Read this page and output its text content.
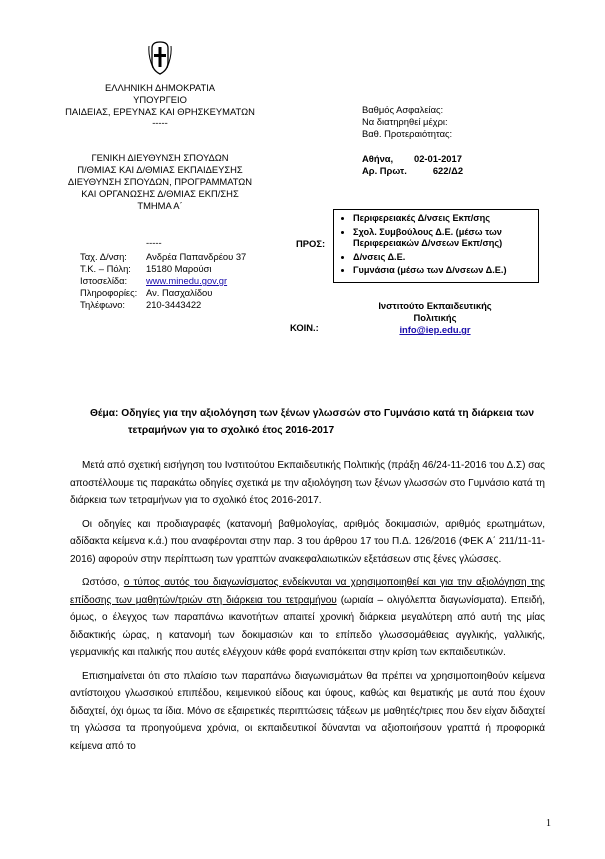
ΕΛΛΗΝΙΚΗ ΔΗΜΟΚΡΑΤΙΑ
ΥΠΟΥΡΓΕΙΟ
ΠΑΙΔΕΙΑΣ, ΕΡΕΥΝΑΣ ΚΑΙ ΘΡΗΣΚΕΥΜΑΤΩΝ
-----
ΓΕΝΙΚΗ ΔΙΕΥΘΥΝΣΗ ΣΠΟΥΔΩΝ
Π/ΘΜΙΑΣ ΚΑΙ Δ/ΘΜΙΑΣ ΕΚΠΑΙΔΕΥΣΗΣ
ΔΙΕΥΘΥΝΣΗ ΣΠΟΥΔΩΝ, ΠΡΟΓΡΑΜΜΑΤΩΝ
ΚΑΙ ΟΡΓΑΝΩΣΗΣ Δ/ΘΜΙΑΣ ΕΚΠ/ΣΗΣ
ΤΜΗΜΑ Α΄
-----
Ταχ. Δ/νση: Ανδρέα Παπανδρέου 37
Τ.Κ. – Πόλη: 15180 Μαρούσι
Ιστοσελίδα: www.minedu.gov.gr
Πληροφορίες: Αν. Πασχαλίδου
Τηλέφωνο: 210-3443422
Βαθμός Ασφαλείας:
Να διατηρηθεί μέχρι:
Βαθ. Προτεραιότητας:
Αθήνα,        02-01-2017
Αρ. Πρωτ.          622/Δ2
ΠΡΟΣ:
• Περιφερειακές Δ/νσεις Εκπ/σης
• Σχολ. Συμβούλους Δ.Ε. (μέσω των Περιφερειακών Δ/νσεων Εκπ/σης)
• Δ/νσεις Δ.Ε.
• Γυμνάσια (μέσω των Δ/νσεων Δ.Ε.)
ΚΟΙΝ.:
Ινστιτούτο Εκπαιδευτικής
Πολιτικής
info@iep.edu.gr
Θέμα: Οδηγίες για την αξιολόγηση των ξένων γλωσσών στο Γυμνάσιο κατά τη διάρκεια των
τετραμήνων για το σχολικό έτος 2016-2017

Μετά από σχετική εισήγηση του Ινστιτούτου Εκπαιδευτικής Πολιτικής (πράξη 46/24-11-2016 του Δ.Σ) σας αποστέλλουμε τις παρακάτω οδηγίες σχετικά με την αξιολόγηση των ξένων γλωσσών στο Γυμνάσιο κατά τη διάρκεια των τετραμήνων για το σχολικό έτος 2016-2017.

Οι οδηγίες και προδιαγραφές (κατανομή βαθμολογίας, αριθμός δοκιμασιών, αριθμός ερωτημάτων, αδίδακτα κείμενα κ.ά.) που αναφέρονται στην παρ. 3 του άρθρου 17 του Π.Δ. 126/2016 (ΦΕΚ Α΄ 211/11-11-2016) αφορούν στην περίπτωση των γραπτών ανακεφαλαιωτικών εξετάσεων στις ξένες γλώσσες.

Ωστόσο, ο τύπος αυτός του διαγωνίσματος ενδείκνυται να χρησιμοποιηθεί και για την αξιολόγηση της επίδοσης των μαθητών/τριών στη διάρκεια του τετραμήνου (ωριαία – ολιγόλεπτα διαγωνίσματα). Επειδή, όμως, ο έλεγχος των παραπάνω ικανοτήτων απαιτεί χρονική διάρκεια μεγαλύτερη από αυτή της μίας διδακτικής ώρας, η κατανομή των δοκιμασιών και το επίπεδο γλωσσομάθειας αγγλικής, γαλλικής, γερμανικής και ιταλικής που αυτές ελέγχουν κάθε φορά εναπόκειται στην κρίση των εκπαιδευτικών.

Επισημαίνεται ότι στο πλαίσιο των παραπάνω διαγωνισμάτων θα πρέπει να χρησιμοποιηθούν κείμενα αντίστοιχου γλωσσικού επιπέδου, κειμενικού είδους και ύφους, καθώς και θεματικής με αυτά που έχουν διδαχτεί, όχι όμως τα ίδια. Μόνο σε εξαιρετικές περιπτώσεις τάξεων με μαθητές/τριες που δεν είχαν διδαχτεί τη γλώσσα τα προηγούμενα χρόνια, οι εκπαιδευτικοί δύνανται να αξιοποιήσουν γραπτά ή προφορικά κείμενα από το

1
